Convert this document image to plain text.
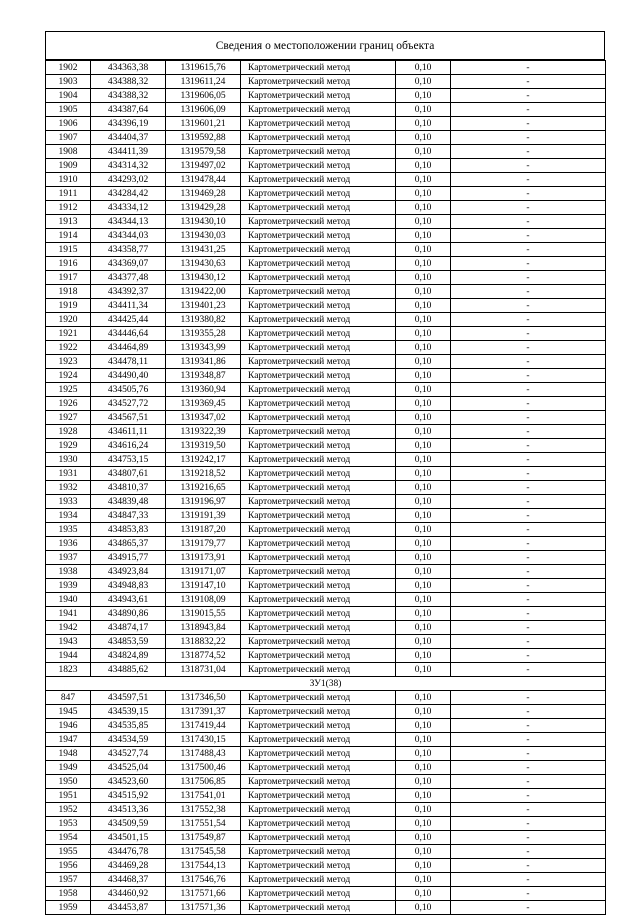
Сведения о местоположении границ объекта
1902	434363,38	1319615,76	Картометрический метод	0,10	-
1903	434388,32	1319611,24	Картометрический метод	0,10	-
1904	434388,32	1319606,05	Картометрический метод	0,10	-
1905	434387,64	1319606,09	Картометрический метод	0,10	-
1906	434396,19	1319601,21	Картометрический метод	0,10	-
1907	434404,37	1319592,88	Картометрический метод	0,10	-
1908	434411,39	1319579,58	Картометрический метод	0,10	-
1909	434314,32	1319497,02	Картометрический метод	0,10	-
1910	434293,02	1319478,44	Картометрический метод	0,10	-
1911	434284,42	1319469,28	Картометрический метод	0,10	-
1912	434334,12	1319429,28	Картометрический метод	0,10	-
1913	434344,13	1319430,10	Картометрический метод	0,10	-
1914	434344,03	1319430,03	Картометрический метод	0,10	-
1915	434358,77	1319431,25	Картометрический метод	0,10	-
1916	434369,07	1319430,63	Картометрический метод	0,10	-
1917	434377,48	1319430,12	Картометрический метод	0,10	-
1918	434392,37	1319422,00	Картометрический метод	0,10	-
1919	434411,34	1319401,23	Картометрический метод	0,10	-
1920	434425,44	1319380,82	Картометрический метод	0,10	-
1921	434446,64	1319355,28	Картометрический метод	0,10	-
1922	434464,89	1319343,99	Картометрический метод	0,10	-
1923	434478,11	1319341,86	Картометрический метод	0,10	-
1924	434490,40	1319348,87	Картометрический метод	0,10	-
1925	434505,76	1319360,94	Картометрический метод	0,10	-
1926	434527,72	1319369,45	Картометрический метод	0,10	-
1927	434567,51	1319347,02	Картометрический метод	0,10	-
1928	434611,11	1319322,39	Картометрический метод	0,10	-
1929	434616,24	1319319,50	Картометрический метод	0,10	-
1930	434753,15	1319242,17	Картометрический метод	0,10	-
1931	434807,61	1319218,52	Картометрический метод	0,10	-
1932	434810,37	1319216,65	Картометрический метод	0,10	-
1933	434839,48	1319196,97	Картометрический метод	0,10	-
1934	434847,33	1319191,39	Картометрический метод	0,10	-
1935	434853,83	1319187,20	Картометрический метод	0,10	-
1936	434865,37	1319179,77	Картометрический метод	0,10	-
1937	434915,77	1319173,91	Картометрический метод	0,10	-
1938	434923,84	1319171,07	Картометрический метод	0,10	-
1939	434948,83	1319147,10	Картометрический метод	0,10	-
1940	434943,61	1319108,09	Картометрический метод	0,10	-
1941	434890,86	1319015,55	Картометрический метод	0,10	-
1942	434874,17	1318943,84	Картометрический метод	0,10	-
1943	434853,59	1318832,22	Картометрический метод	0,10	-
1944	434824,89	1318774,52	Картометрический метод	0,10	-
1823	434885,62	1318731,04	Картометрический метод	0,10	-
ЗУ1(38)					
847	434597,51	1317346,50	Картометрический метод	0,10	-
1945	434539,15	1317391,37	Картометрический метод	0,10	-
1946	434535,85	1317419,44	Картометрический метод	0,10	-
1947	434534,59	1317430,15	Картометрический метод	0,10	-
1948	434527,74	1317488,43	Картометрический метод	0,10	-
1949	434525,04	1317500,46	Картометрический метод	0,10	-
1950	434523,60	1317506,85	Картометрический метод	0,10	-
1951	434515,92	1317541,01	Картометрический метод	0,10	-
1952	434513,36	1317552,38	Картометрический метод	0,10	-
1953	434509,59	1317551,54	Картометрический метод	0,10	-
1954	434501,15	1317549,87	Картометрический метод	0,10	-
1955	434476,78	1317545,58	Картометрический метод	0,10	-
1956	434469,28	1317544,13	Картометрический метод	0,10	-
1957	434468,37	1317546,76	Картометрический метод	0,10	-
1958	434460,92	1317571,66	Картометрический метод	0,10	-
1959	434453,87	1317571,36	Картометрический метод	0,10	-
